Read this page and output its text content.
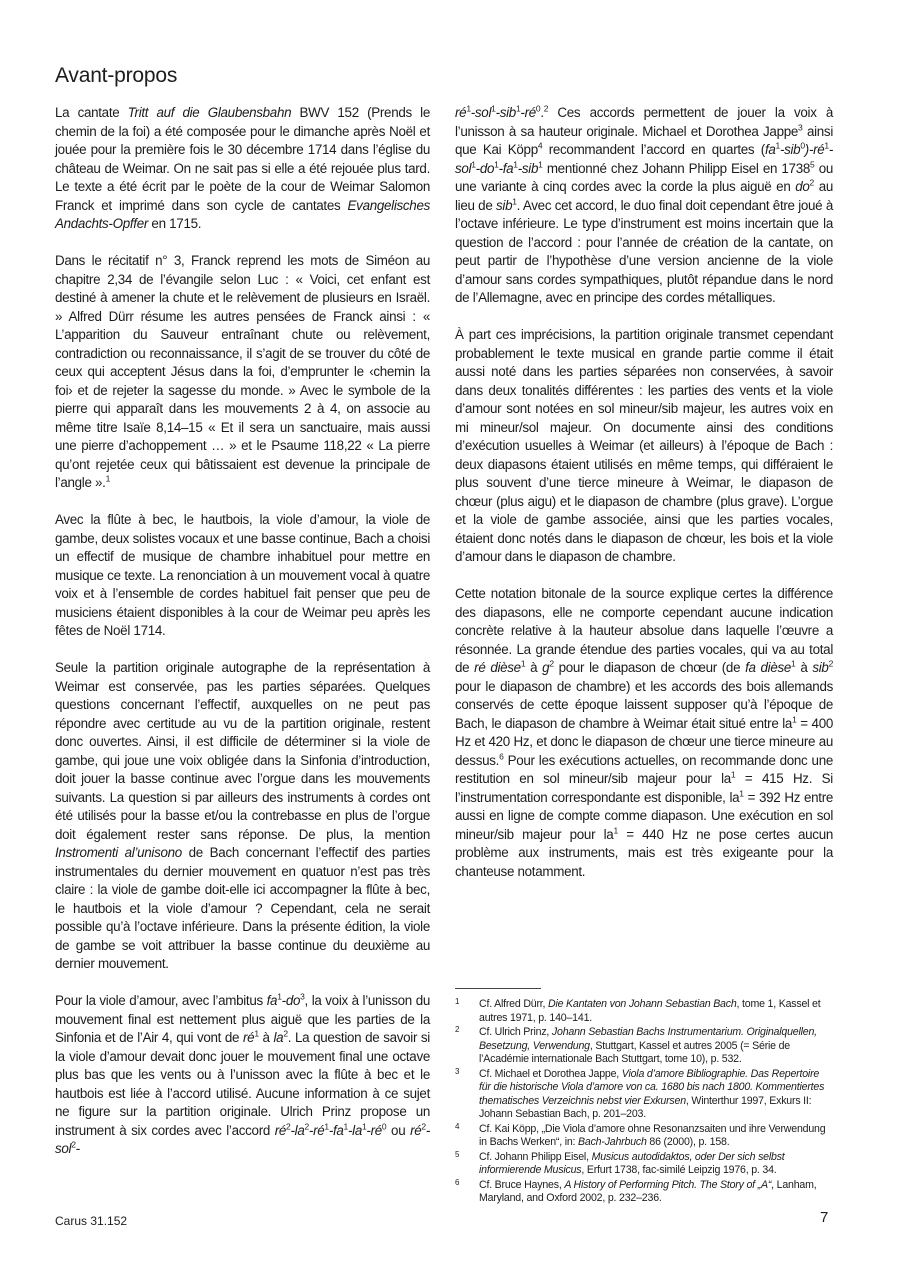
Avant-propos

La cantate Tritt auf die Glaubensbahn BWV 152 (Prends le chemin de la foi) a été composée pour le dimanche après Noël et jouée pour la première fois le 30 décembre 1714 dans l’église du château de Weimar. On ne sait pas si elle a été rejouée plus tard. Le texte a été écrit par le poète de la cour de Weimar Salomon Franck et imprimé dans son cycle de cantates Evangelisches Andachts-Opffer en 1715.

Dans le récitatif n° 3, Franck reprend les mots de Siméon au chapitre 2,34 de l’évangile selon Luc : « Voici, cet enfant est destiné à amener la chute et le relèvement de plusieurs en Israël. » Alfred Dürr résume les autres pensées de Franck ainsi : « L’apparition du Sauveur entraînant chute ou relèvement, contradiction ou reconnaissance, il s’agit de se trouver du côté de ceux qui acceptent Jésus dans la foi, d’emprunter le ‹chemin la foi› et de rejeter la sagesse du monde. » Avec le symbole de la pierre qui apparaît dans les mouvements 2 à 4, on associe au même titre Isaïe 8,14–15 « Et il sera un sanctuaire, mais aussi une pierre d’achoppement … » et le Psaume 118,22 « La pierre qu’ont rejetée ceux qui bâtissaient est devenue la principale de l’angle ».$^1$

Avec la flûte à bec, le hautbois, la viole d’amour, la viole de gambe, deux solistes vocaux et une basse continue, Bach a choisi un effectif de musique de chambre inhabituel pour mettre en musique ce texte. La renonciation à un mouvement vocal à quatre voix et à l’ensemble de cordes habituel fait penser que peu de musiciens étaient disponibles à la cour de Weimar peu après les fêtes de Noël 1714.

Seule la partition originale autographe de la représentation à Weimar est conservée, pas les parties séparées. Quelques questions concernant l’effectif, auxquelles on ne peut pas répondre avec certitude au vu de la partition originale, restent donc ouvertes. Ainsi, il est difficile de déterminer si la viole de gambe, qui joue une voix obligée dans la Sinfonia d’introduction, doit jouer la basse continue avec l’orgue dans les mouvements suivants. La question si par ailleurs des instruments à cordes ont été utilisés pour la basse et/ou la contrebasse en plus de l’orgue doit également rester sans réponse. De plus, la mention Instromenti al’unisono de Bach concernant l’effectif des parties instrumentales du dernier mouvement en quatuor n’est pas très claire : la viole de gambe doit-elle ici accompagner la flûte à bec, le hautbois et la viole d’amour ? Cependant, cela ne serait possible qu’à l’octave inférieure. Dans la présente édition, la viole de gambe se voit attribuer la basse continue du deuxième au dernier mouvement.

Pour la viole d’amour, avec l’ambitus $fa^1-do^3$, la voix à l’unisson du mouvement final est nettement plus aiguë que les parties de la Sinfonia et de l’Air 4, qui vont de $ré^1$ à $la^2$. La question de savoir si la viole d’amour devait donc jouer le mouvement final une octave plus bas que les vents ou à l’unisson avec la flûte à bec et le hautbois est liée à l’accord utilisé. Aucune information à ce sujet ne figure sur la partition originale. Ulrich Prinz propose un instrument à six cordes avec l’accord $ré^2-la^2-ré^1-fa^1-la^1-ré^0$ ou $ré^2-sol^2-$

$ré^1-sol^1-sib^1-ré^0.^2$ Ces accords permettent de jouer la voix à l’unisson à sa hauteur originale. Michael et Dorothea Jappe$^3$ ainsi que Kai Köpp$^4$ recommandent l’accord en quartes $(fa^1-sib^0)-ré^1-sol^1-do^1-fa^1-sib^1$ mentionné chez Johann Philipp Eisel en 1738$^5$ ou une variante à cinq cordes avec la corde la plus aiguë en $do^2$ au lieu de sib$^1$. Avec cet accord, le duo final doit cependant être joué à l’octave inférieure. Le type d’instrument est moins incertain que la question de l’accord : pour l’année de création de la cantate, on peut partir de l’hypothèse d’une version ancienne de la viole d’amour sans cordes sympathiques, plutôt répandue dans le nord de l’Allemagne, avec en principe des cordes métalliques.

À part ces imprécisions, la partition originale transmet cependant probablement le texte musical en grande partie comme il était aussi noté dans les parties séparées non conservées, à savoir dans deux tonalités différentes : les parties des vents et la viole d’amour sont notées en sol mineur/sib majeur, les autres voix en mi mineur/sol majeur. On documente ainsi des conditions d’exécution usuelles à Weimar (et ailleurs) à l’époque de Bach : deux diapasons étaient utilisés en même temps, qui différaient le plus souvent d’une tierce mineure à Weimar, le diapason de chœur (plus aigu) et le diapason de chambre (plus grave). L’orgue et la viole de gambe associée, ainsi que les parties vocales, étaient donc notés dans le diapason de chœur, les bois et la viole d’amour dans le diapason de chambre.

Cette notation bitonale de la source explique certes la différence des diapasons, elle ne comporte cependant aucune indication concrète relative à la hauteur absolue dans laquelle l’œuvre a résonnée. La grande étendue des parties vocales, qui va au total de ré dièse$^1$ à $g^2$ pour le diapason de chœur (de fa dièse$^1$ à sib$^2$ pour le diapason de chambre) et les accords des bois allemands conservés de cette époque laissent supposer qu’à l’époque de Bach, le diapason de chambre à Weimar était situé entre $la^1 = 400$ Hz et 420 Hz, et donc le diapason de chœur une tierce mineure au dessus.$^6$ Pour les exécutions actuelles, on recommande donc une restitution en sol mineur/sib majeur pour $la^1 = 415$ Hz. Si l’instrumentation correspondante est disponible, $la^1 = 392$ Hz entre aussi en ligne de compte comme diapason. Une exécution en sol mineur/sib majeur pour $la^1 = 440$ Hz ne pose certes aucun problème aux instruments, mais est très exigeante pour la chanteuse notamment.

1 Cf. Alfred Dürr, Die Kantaten von Johann Sebastian Bach, tome 1, Kassel et autres 1971, p. 140–141.
2 Cf. Ulrich Prinz, Johann Sebastian Bachs Instrumentarium. Originalquellen, Besetzung, Verwendung, Stuttgart, Kassel et autres 2005 (= Série de l’Académie internationale Bach Stuttgart, tome 10), p. 532.
3 Cf. Michael et Dorothea Jappe, Viola d’amore Bibliographie. Das Repertoire für die historische Viola d’amore von ca. 1680 bis nach 1800. Kommentiertes thematisches Verzeichnis nebst vier Exkursen, Winterthur 1997, Exkurs II: Johann Sebastian Bach, p. 201–203.
4 Cf. Kai Köpp, „Die Viola d’amore ohne Resonanzsaiten und ihre Verwendung in Bachs Werken“, in: Bach-Jahrbuch 86 (2000), p. 158.
5 Cf. Johann Philipp Eisel, Musicus autodidaktos, oder Der sich selbst informierende Musicus, Erfurt 1738, fac-similé Leipzig 1976, p. 34.
6 Cf. Bruce Haynes, A History of Performing Pitch. The Story of „A“, Lanham, Maryland, and Oxford 2002, p. 232–236.
Carus 31.152	7
